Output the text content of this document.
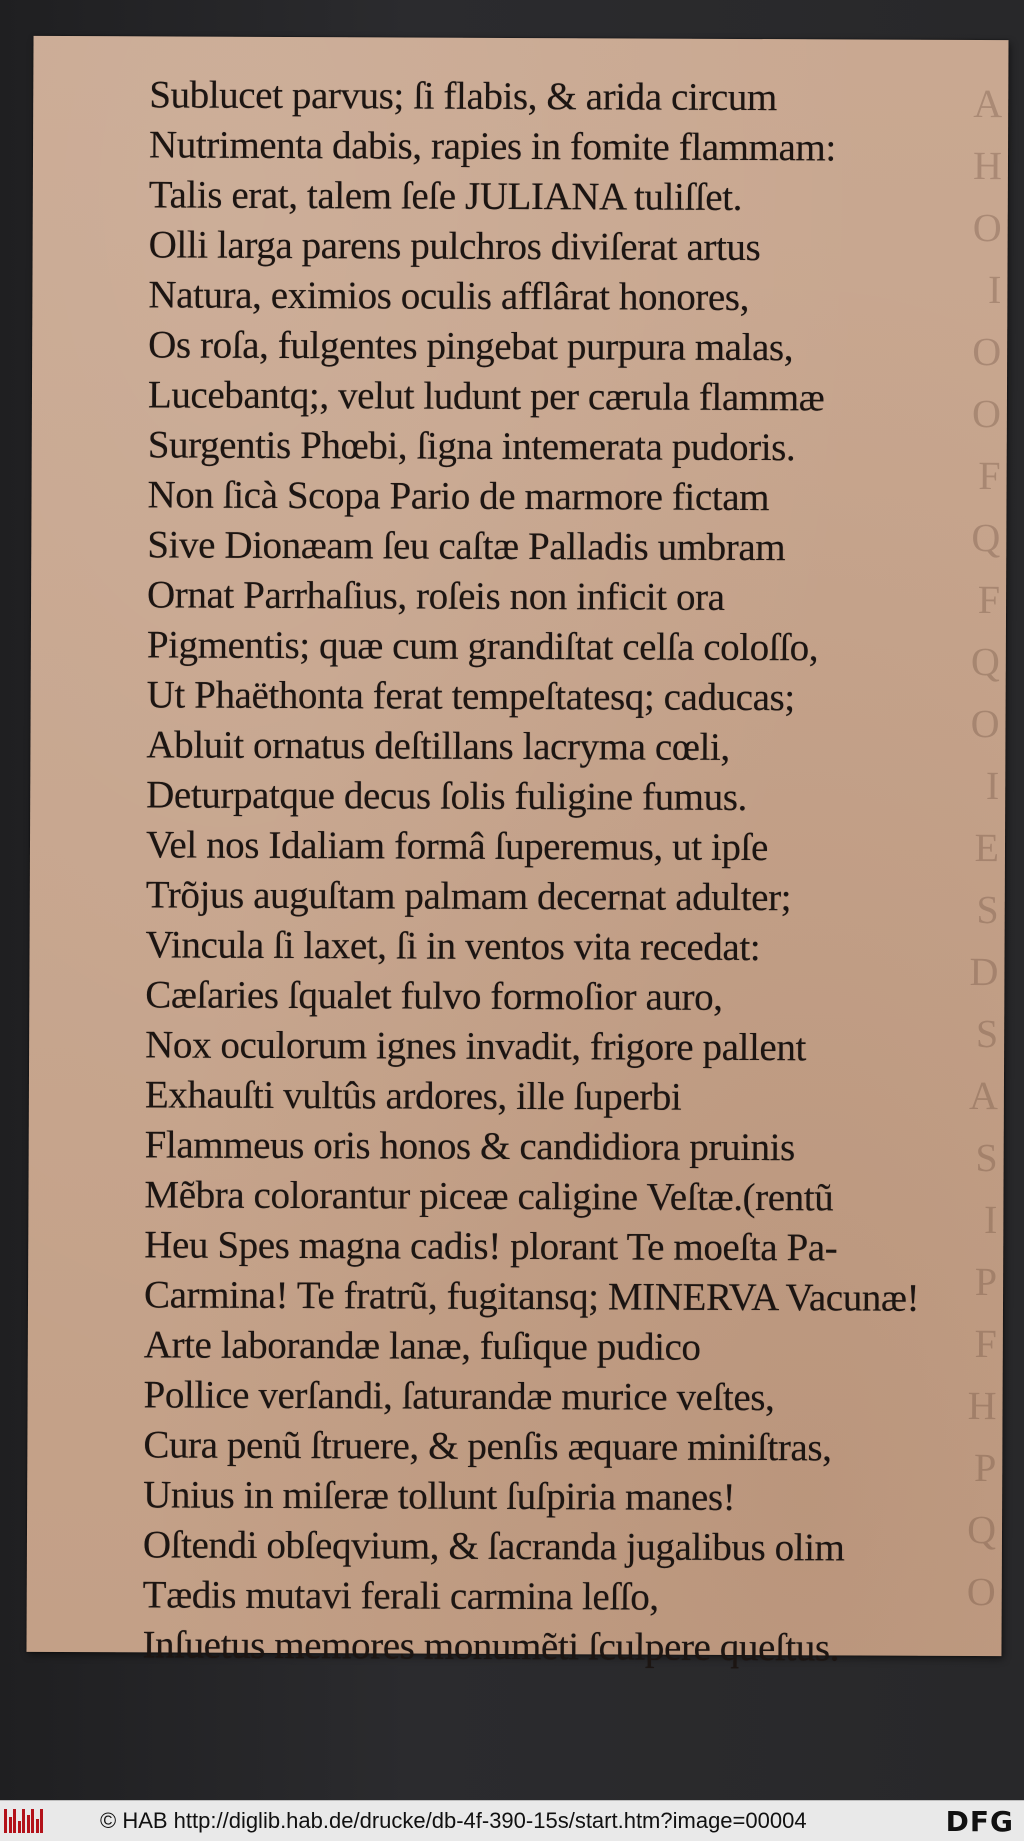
A
H
O
I
O
O
F
Q
F
Q
O
I
E
S
D
S
A
S
I
P
F
H
P
Q
O
Sublucet parvus; ſi flabis, & arida circum
Nutrimenta dabis, rapies in fomite flammam:
Talis erat, talem ſeſe JULIANA tuliſſet.
Olli larga parens pulchros diviſerat artus
Natura, eximios oculis afflârat honores,
Os roſa, fulgentes pingebat purpura malas,
Lucebantq;, velut ludunt per cærula flammæ
Surgentis Phœbi, ſigna intemerata pudoris.
Non ſicà Scopa Pario de marmore fictam
Sive Dionæam ſeu caſtæ Palladis umbram
Ornat Parrhaſius, roſeis non inficit ora
Pigmentis; quæ cum grandiſtat celſa coloſſo,
Ut Phaëthonta ferat tempeſtatesq; caducas;
Abluit ornatus deſtillans lacryma cœli,
Deturpatque decus ſolis fuligine fumus.
Vel nos Idaliam formâ ſuperemus, ut ipſe
Trõjus auguſtam palmam decernat adulter;
Vincula ſi laxet, ſi in ventos vita recedat:
Cæſaries ſqualet fulvo formoſior auro,
Nox oculorum ignes invadit, frigore pallent
Exhauſti vultûs ardores, ille ſuperbi
Flammeus oris honos & candidiora pruinis
Mẽbra colorantur piceæ caligine Veſtæ.(rentũ
Heu Spes magna cadis! plorant Te moeſta Pa-
Carmina! Te fratrũ, fugitansq; MINERVA Vacunæ!
Arte laborandæ lanæ, fuſique pudico
Pollice verſandi, ſaturandæ murice veſtes,
Cura penũ ſtruere, & penſis æquare miniſtras,
Unius in miſeræ tollunt ſuſpiria manes!
Oſtendi obſeqvium, & ſacranda jugalibus olim
Tædis mutavi ferali carmina leſſo,
Inſuetus memores monumẽti ſculpere queſtus.
© HAB http://diglib.hab.de/drucke/db-4f-390-15s/start.htm?image=00004	DFG
